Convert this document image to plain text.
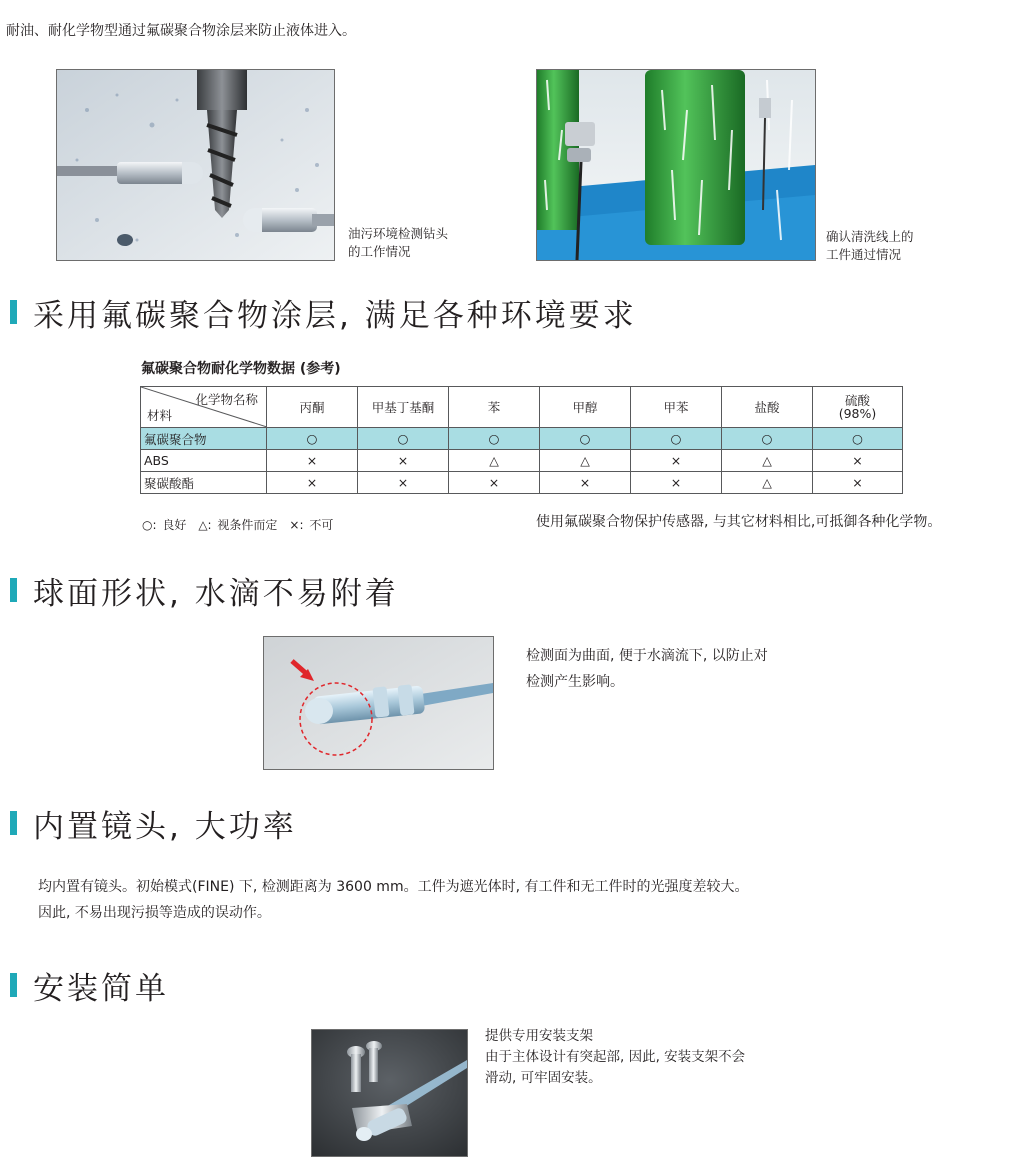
耐油、耐化学物型通过氟碳聚合物涂层来防止液体进入。
油污环境检测钻头
的工作情况
确认清洗线上的
工件通过情况
采用氟碳聚合物涂层, 满足各种环境要求
氟碳聚合物耐化学物数据 (参考)
化学物名称
材料	丙酮	甲基丁基酮	苯	甲醇	甲苯	盐酸	硫酸
(98%)
氟碳聚合物	○	○	○	○	○	○	○
ABS	×	×	△	△	×	△	×
聚碳酸酯	×	×	×	×	×	△	×
○: 良好　△: 视条件而定　×: 不可	使用氟碳聚合物保护传感器, 与其它材料相比,可抵御各种化学物。
球面形状, 水滴不易附着
检测面为曲面, 便于水滴流下, 以防止对
检测产生影响。
内置镜头, 大功率
均内置有镜头。初始模式(FINE) 下, 检测距离为 3600 mm。工件为遮光体时, 有工件和无工件时的光强度差较大。
因此, 不易出现污损等造成的误动作。
安装简单
提供专用安装支架
由于主体设计有突起部, 因此, 安装支架不会
滑动, 可牢固安装。
